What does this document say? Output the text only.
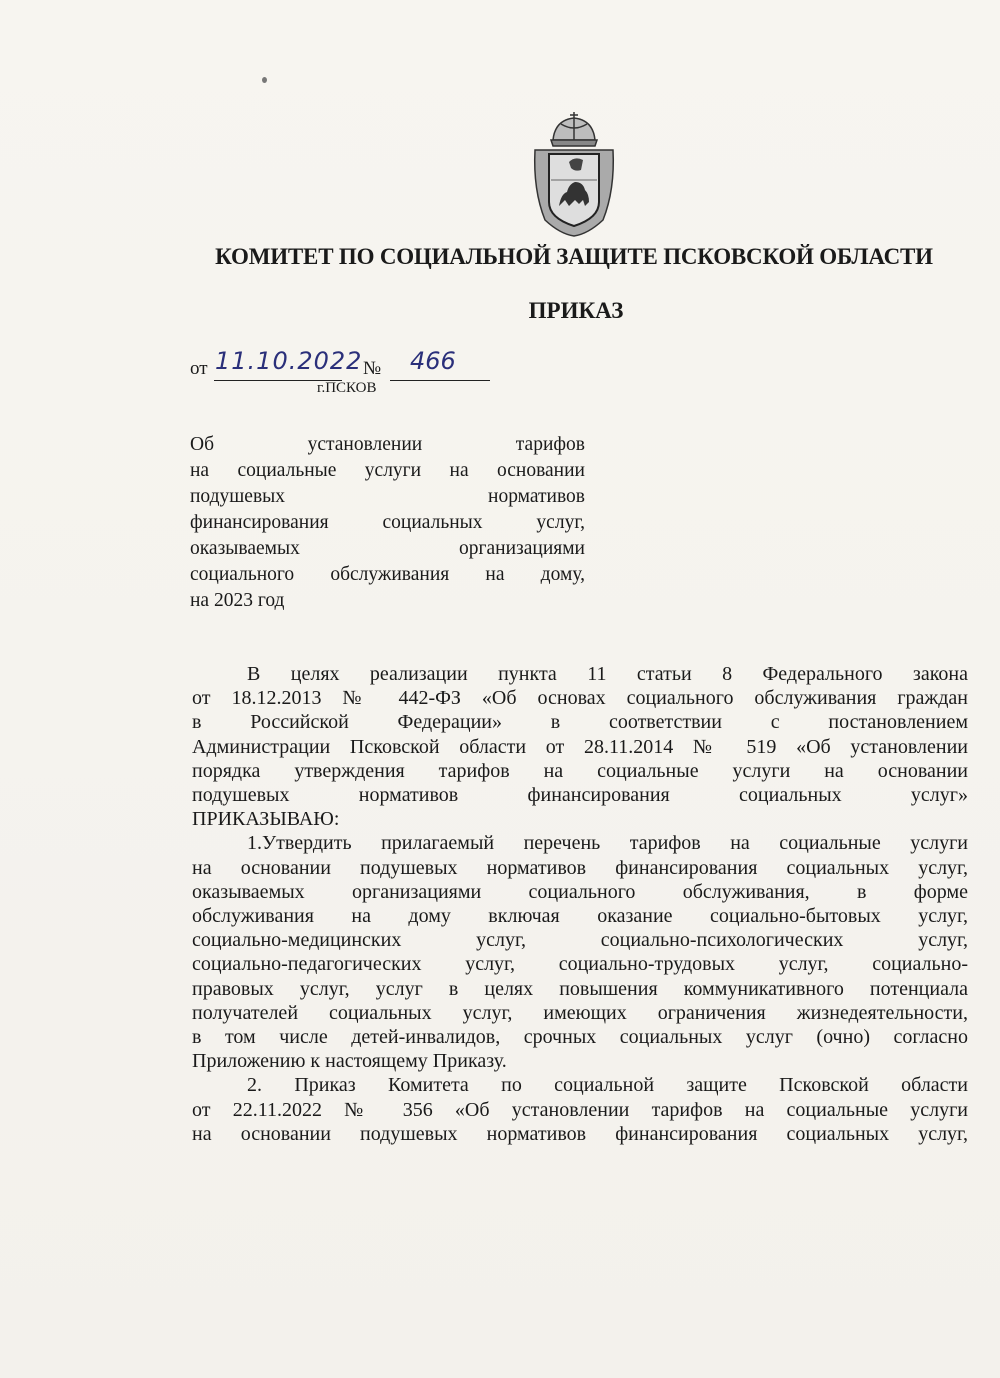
КОМИТЕТ ПО СОЦИАЛЬНОЙ ЗАЩИТЕ ПСКОВСКОЙ ОБЛАСТИ
ПРИКАЗ
от 11.10.2022 № 466
г.ПСКОВ
Об установлении тарифов
на социальные услуги на основании
подушевых нормативов
финансирования социальных услуг,
оказываемых организациями
социального обслуживания на дому,
на 2023 год
В целях реализации пункта 11 статьи 8 Федерального закона
от 18.12.2013 № 442-ФЗ «Об основах социального обслуживания граждан
в Российской Федерации» в соответствии с постановлением
Администрации Псковской области от 28.11.2014 № 519 «Об установлении
порядка утверждения тарифов на социальные услуги на основании
подушевых нормативов финансирования социальных услуг»
ПРИКАЗЫВАЮ:
1.Утвердить прилагаемый перечень тарифов на социальные услуги
на основании подушевых нормативов финансирования социальных услуг,
оказываемых организациями социального обслуживания, в форме
обслуживания на дому включая оказание социально-бытовых услуг,
социально-медицинских услуг, социально-психологических услуг,
социально-педагогических услуг, социально-трудовых услуг, социально-
правовых услуг, услуг в целях повышения коммуникативного потенциала
получателей социальных услуг, имеющих ограничения жизнедеятельности,
в том числе детей-инвалидов, срочных социальных услуг (очно) согласно
Приложению к настоящему Приказу.
2. Приказ Комитета по социальной защите Псковской области
от 22.11.2022 № 356 «Об установлении тарифов на социальные услуги
на основании подушевых нормативов финансирования социальных услуг,
